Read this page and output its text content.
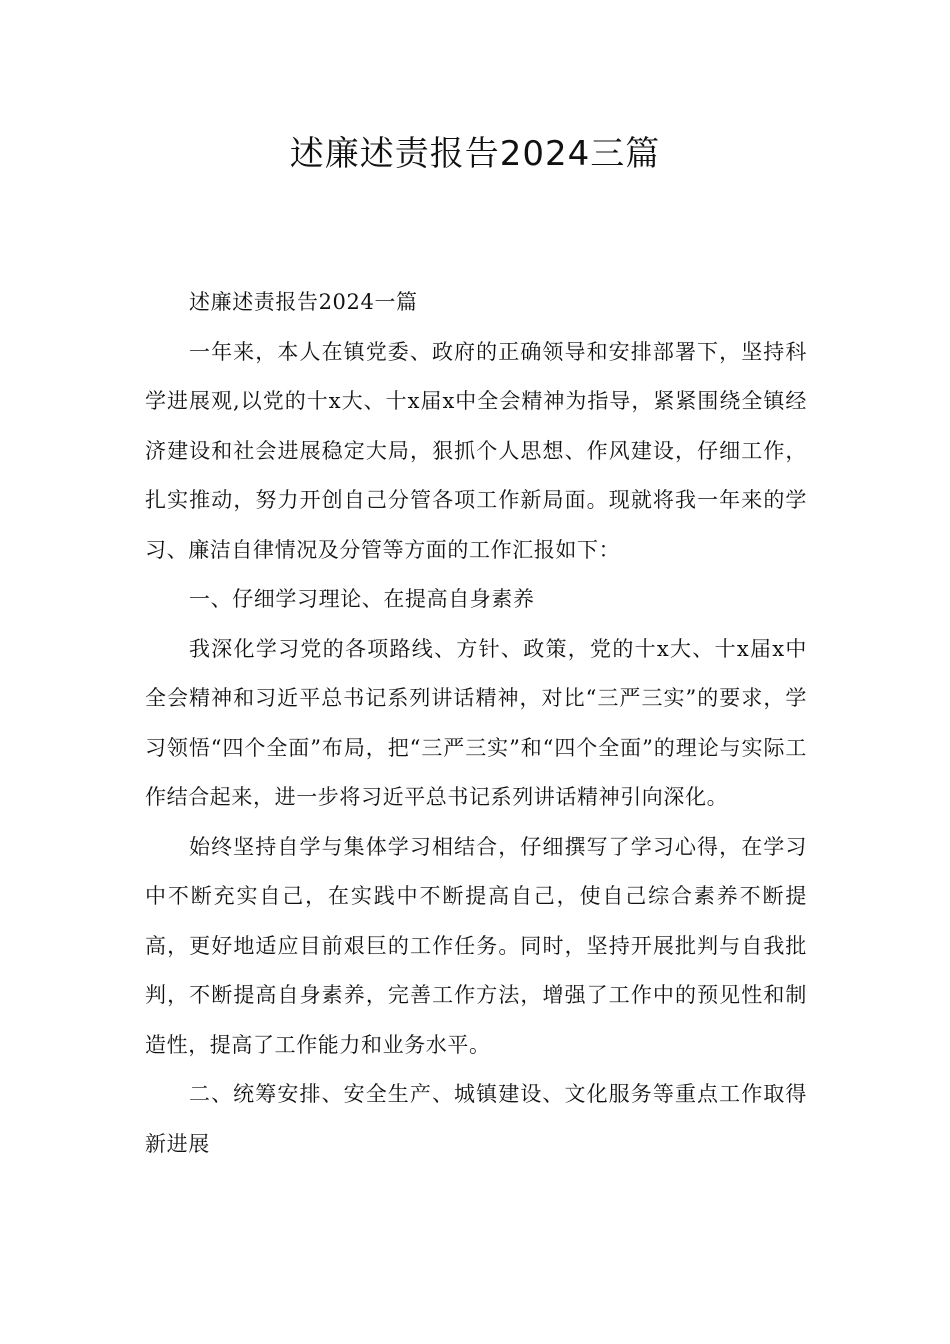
述廉述责报告2024三篇

述廉述责报告2024一篇

一年来，本人在镇党委、政府的正确领导和安排部署下，坚持科学进展观,以党的十x大、十x届x中全会精神为指导，紧紧围绕全镇经济建设和社会进展稳定大局，狠抓个人思想、作风建设，仔细工作，扎实推动，努力开创自己分管各项工作新局面。现就将我一年来的学习、廉洁自律情况及分管等方面的工作汇报如下：

一、仔细学习理论、在提高自身素养

我深化学习党的各项路线、方针、政策，党的十x大、十x届x中全会精神和习近平总书记系列讲话精神，对比“三严三实”的要求，学习领悟“四个全面”布局，把“三严三实”和“四个全面”的理论与实际工作结合起来，进一步将习近平总书记系列讲话精神引向深化。

始终坚持自学与集体学习相结合，仔细撰写了学习心得，在学习中不断充实自己，在实践中不断提高自己，使自己综合素养不断提高，更好地适应目前艰巨的工作任务。同时，坚持开展批判与自我批判，不断提高自身素养，完善工作方法，增强了工作中的预见性和制造性，提高了工作能力和业务水平。

二、统筹安排、安全生产、城镇建设、文化服务等重点工作取得新进展
